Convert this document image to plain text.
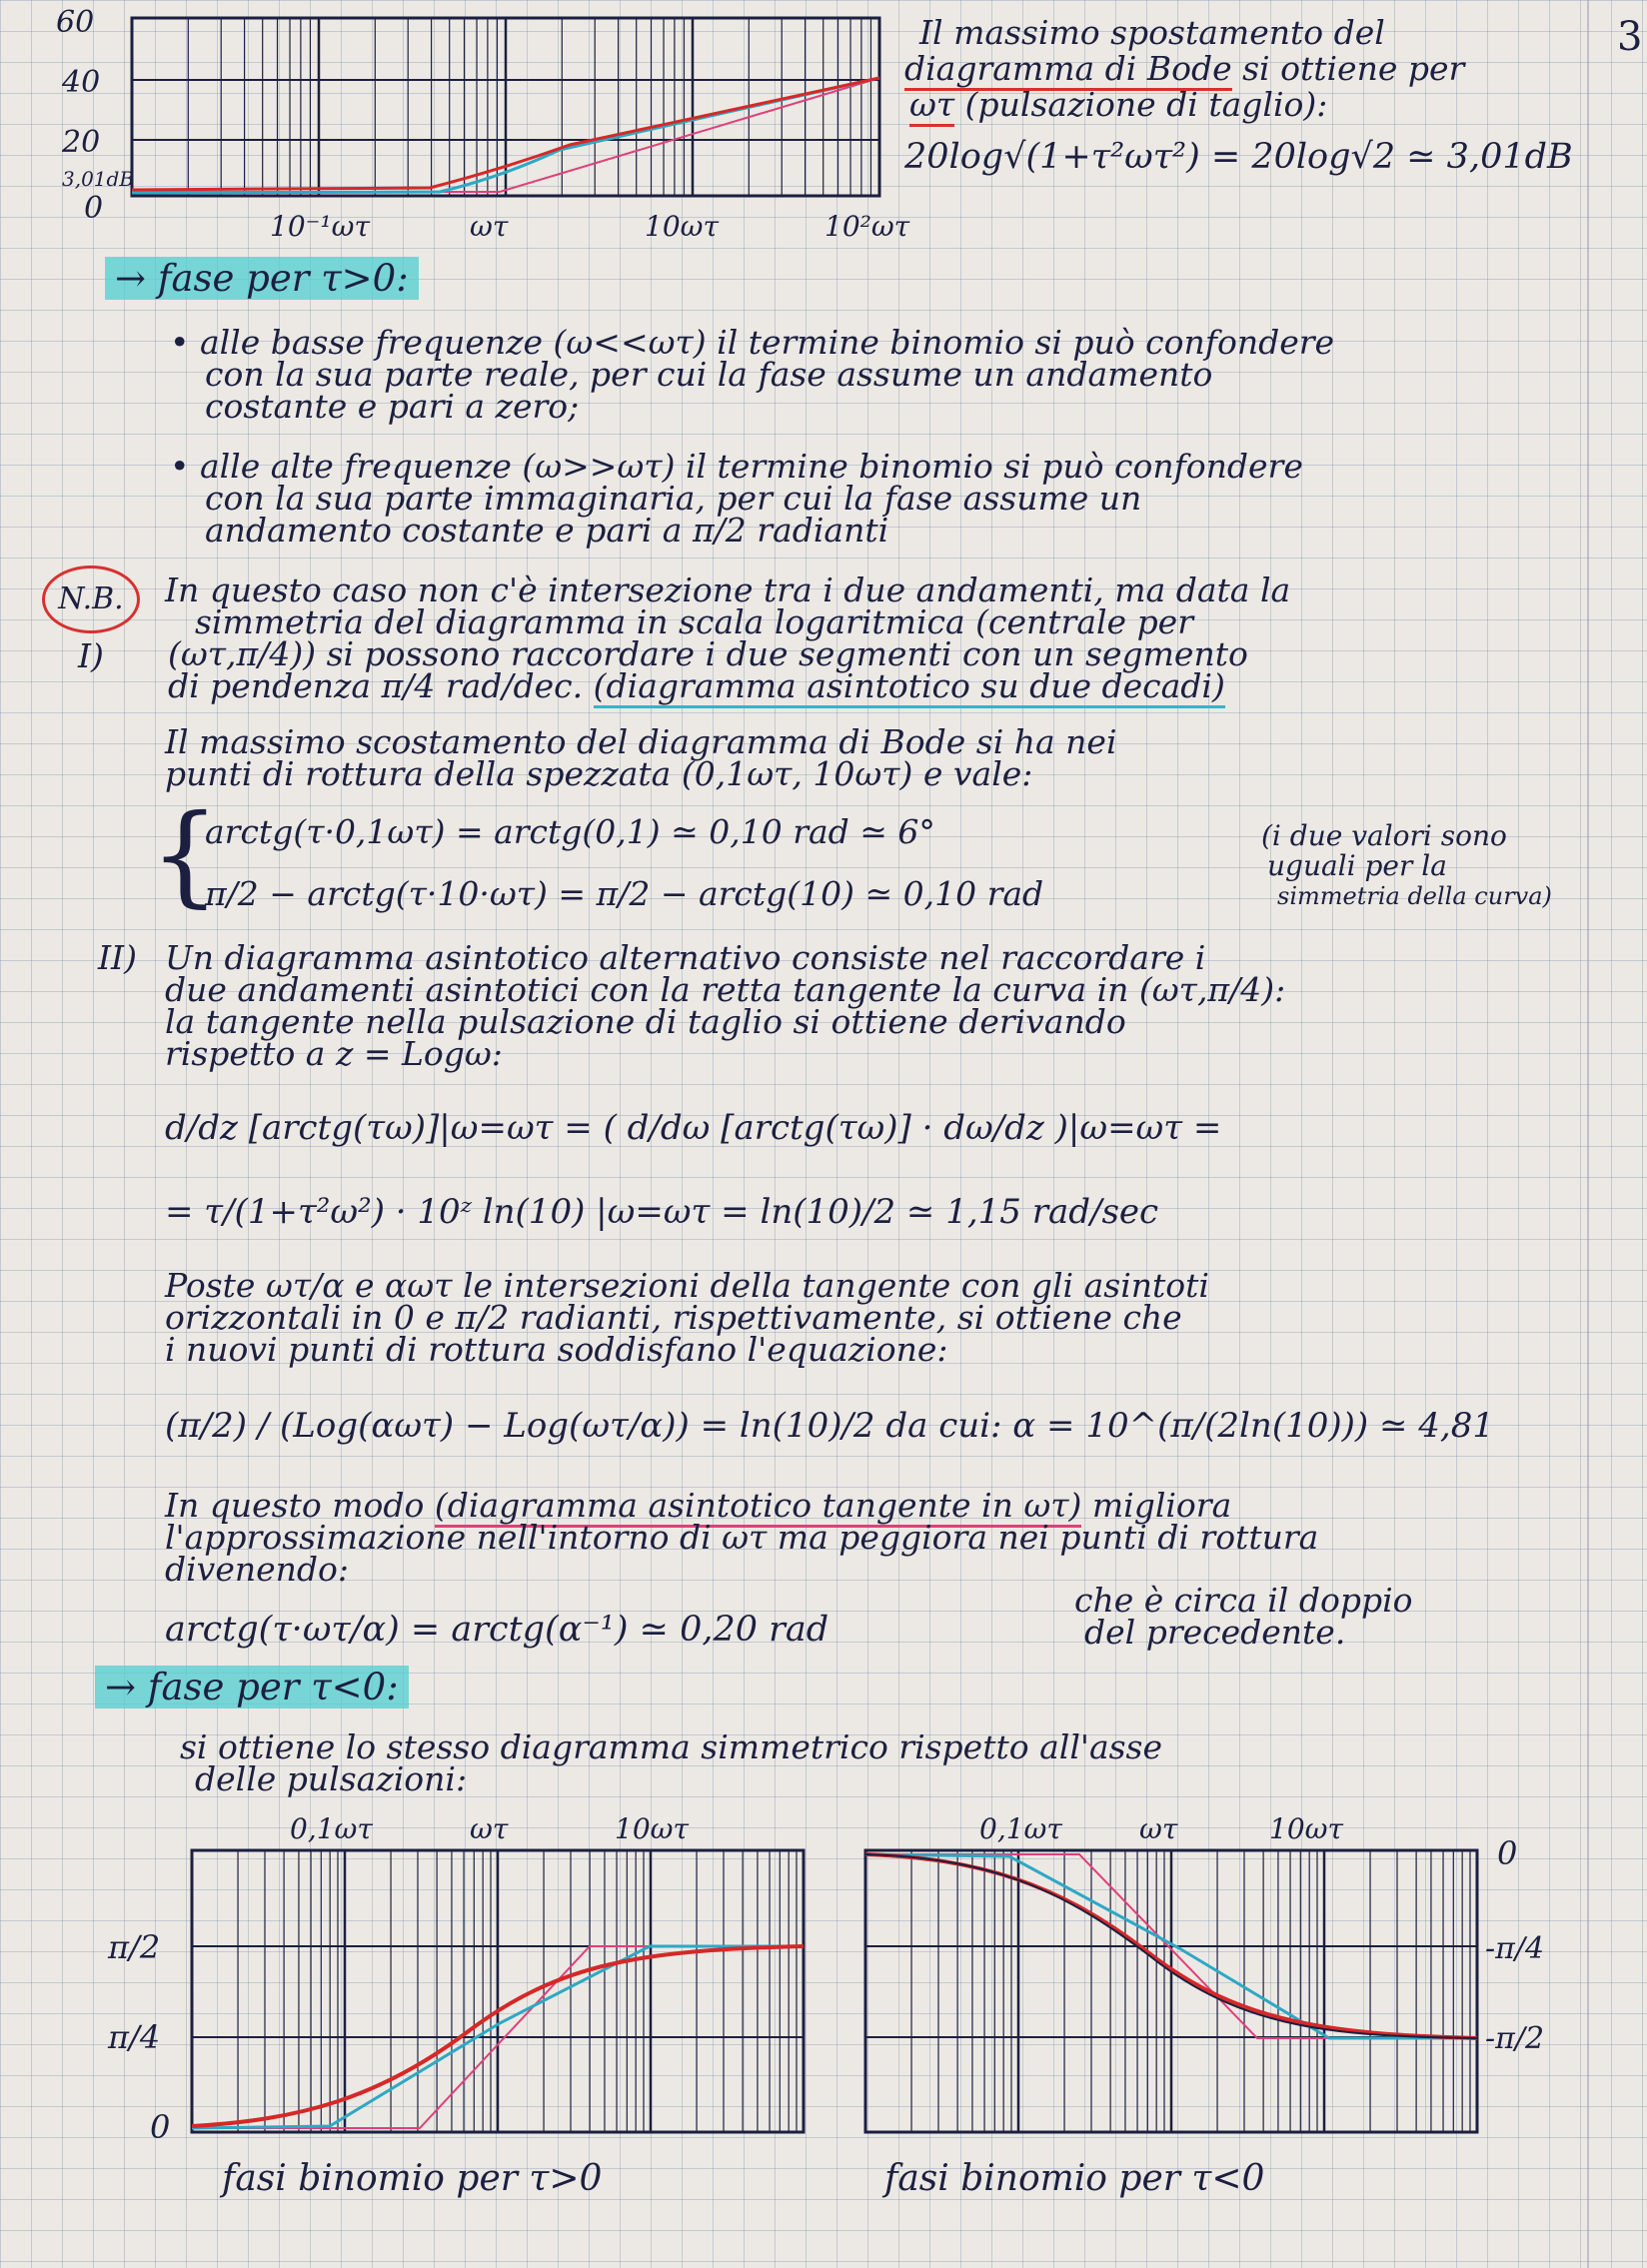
3
60
40
20
3,01dB
0
10⁻¹ωτ	ωτ	10ωτ	10²ωτ
Il massimo spostamento del
diagramma di Bode si ottiene per
ωτ (pulsazione di taglio):
20log√(1+τ²ωτ²) = 20log√2 ≃ 3,01dB
→ fase per τ>0:
• alle basse frequenze (ω<<ωτ) il termine binomio si può confondere
con la sua parte reale, per cui la fase assume un andamento
costante e pari a zero;
• alle alte frequenze (ω>>ωτ) il termine binomio si può confondere
con la sua parte immaginaria, per cui la fase assume un
andamento costante e pari a π/2 radianti
N.B.
I)
In questo caso non c'è intersezione tra i due andamenti, ma data la
simmetria del diagramma in scala logaritmica (centrale per
(ωτ,π/4)) si possono raccordare i due segmenti con un segmento
di pendenza π/4 rad/dec. (diagramma asintotico su due decadi)
Il massimo scostamento del diagramma di Bode si ha nei
punti di rottura della spezzata (0,1ωτ, 10ωτ) e vale:
{
arctg(τ·0,1ωτ) = arctg(0,1) ≃ 0,10 rad ≃ 6°
π/2 − arctg(τ·10·ωτ) = π/2 − arctg(10) ≃ 0,10 rad
(i due valori sono
uguali per la
simmetria della curva)
II) Un diagramma asintotico alternativo consiste nel raccordare i
due andamenti asintotici con la retta tangente la curva in (ωτ,π/4):
la tangente nella pulsazione di taglio si ottiene derivando
rispetto a z = Logω:
d/dz [arctg(τω)]|ω=ωτ = ( d/dω [arctg(τω)] · dω/dz )|ω=ωτ =
= τ/(1+τ²ω²) · 10ᶻ ln(10) |ω=ωτ = ln(10)/2 ≃ 1,15 rad/sec
Poste ωτ/α e αωτ le intersezioni della tangente con gli asintoti
orizzontali in 0 e π/2 radianti, rispettivamente, si ottiene che
i nuovi punti di rottura soddisfano l'equazione:
(π/2) / (Log(αωτ) − Log(ωτ/α)) = ln(10)/2 da cui: α = 10^(π/(2ln(10))) ≃ 4,81
In questo modo (diagramma asintotico tangente in ωτ) migliora
l'approssimazione nell'intorno di ωτ ma peggiora nei punti di rottura
divenendo:
arctg(τ·ωτ/α) = arctg(α⁻¹) ≃ 0,20 rad
che è circa il doppio
del precedente.
→ fase per τ<0:
si ottiene lo stesso diagramma simmetrico rispetto all'asse
delle pulsazioni:
0,1ωτ	ωτ	10ωτ
π/2
π/4
0
fasi binomio per τ>0
0,1ωτ	ωτ	10ωτ
0
-π/4
-π/2
fasi binomio per τ<0
